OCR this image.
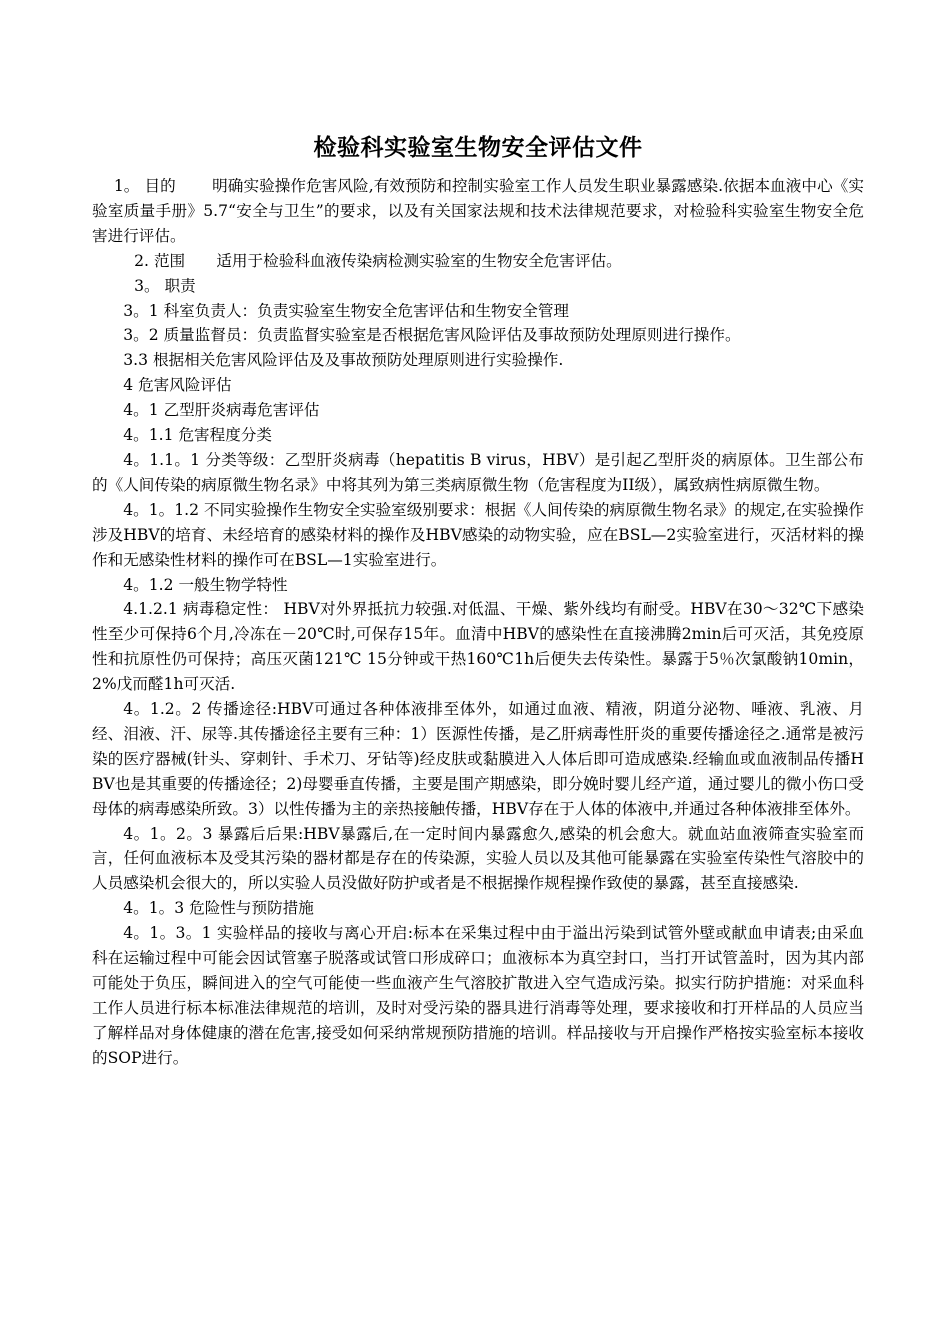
检验科实验室生物安全评估文件

1。 目的　　 明确实验操作危害风险,有效预防和控制实验室工作人员发生职业暴露感染.依据本血液中心《实验室质量手册》5.7“安全与卫生”的要求，以及有关国家法规和技术法律规范要求，对检验科实验室生物安全危害进行评估。

2. 范围　　适用于检验科血液传染病检测实验室的生物安全危害评估。

3。 职责

3。1 科室负责人：负责实验室生物安全危害评估和生物安全管理

3。2 质量监督员：负责监督实验室是否根据危害风险评估及事故预防处理原则进行操作。

3.3 根据相关危害风险评估及及事故预防处理原则进行实验操作.

4 危害风险评估

4。1 乙型肝炎病毒危害评估

4。1.1 危害程度分类

4。1.1。1 分类等级：乙型肝炎病毒（hepatitis B virus，HBV）是引起乙型肝炎的病原体。卫生部公布的《人间传染的病原微生物名录》中将其列为第三类病原微生物（危害程度为II级），属致病性病原微生物。

4。1。1.2 不同实验操作生物安全实验室级别要求：根据《人间传染的病原微生物名录》的规定,在实验操作涉及HBV的培育、未经培育的感染材料的操作及HBV感染的动物实验，应在BSL—2实验室进行，灭活材料的操作和无感染性材料的操作可在BSL—1实验室进行。

4。1.2 一般生物学特性

4.1.2.1 病毒稳定性： HBV对外界抵抗力较强.对低温、干燥、紫外线均有耐受。HBV在30～32℃下感染性至少可保持6个月,冷冻在－20℃时,可保存15年。血清中HBV的感染性在直接沸腾2min后可灭活，其免疫原性和抗原性仍可保持；高压灭菌121℃ 15分钟或干热160℃1h后便失去传染性。暴露于5％次氯酸钠10min，2%戊而醛1h可灭活.

4。1.2。2 传播途径:HBV可通过各种体液排至体外，如通过血液、精液，阴道分泌物、唾液、乳液、月经、泪液、汗、尿等.其传播途径主要有三种：1）医源性传播，是乙肝病毒性肝炎的重要传播途径之.通常是被污染的医疗器械(针头、穿刺针、手术刀、牙钻等)经皮肤或黏膜进入人体后即可造成感染.经输血或血液制品传播HBV也是其重要的传播途径；2)母婴垂直传播，主要是围产期感染，即分娩时婴儿经产道，通过婴儿的微小伤口受母体的病毒感染所致。3）以性传播为主的亲热接触传播，HBV存在于人体的体液中,并通过各种体液排至体外。

4。1。2。3 暴露后后果:HBV暴露后,在一定时间内暴露愈久,感染的机会愈大。就血站血液筛查实验室而言，任何血液标本及受其污染的器材都是存在的传染源，实验人员以及其他可能暴露在实验室传染性气溶胶中的人员感染机会很大的，所以实验人员没做好防护或者是不根据操作规程操作致使的暴露，甚至直接感染.

4。1。3 危险性与预防措施

4。1。3。1 实验样品的接收与离心开启:标本在采集过程中由于溢出污染到试管外壁或献血申请表;由采血科在运输过程中可能会因试管塞子脱落或试管口形成碎口；血液标本为真空封口，当打开试管盖时，因为其内部可能处于负压，瞬间进入的空气可能使一些血液产生气溶胶扩散进入空气造成污染。拟实行防护措施：对采血科工作人员进行标本标准法律规范的培训，及时对受污染的器具进行消毒等处理，要求接收和打开样品的人员应当了解样品对身体健康的潜在危害,接受如何采纳常规预防措施的培训。样品接收与开启操作严格按实验室标本接收的SOP进行。
